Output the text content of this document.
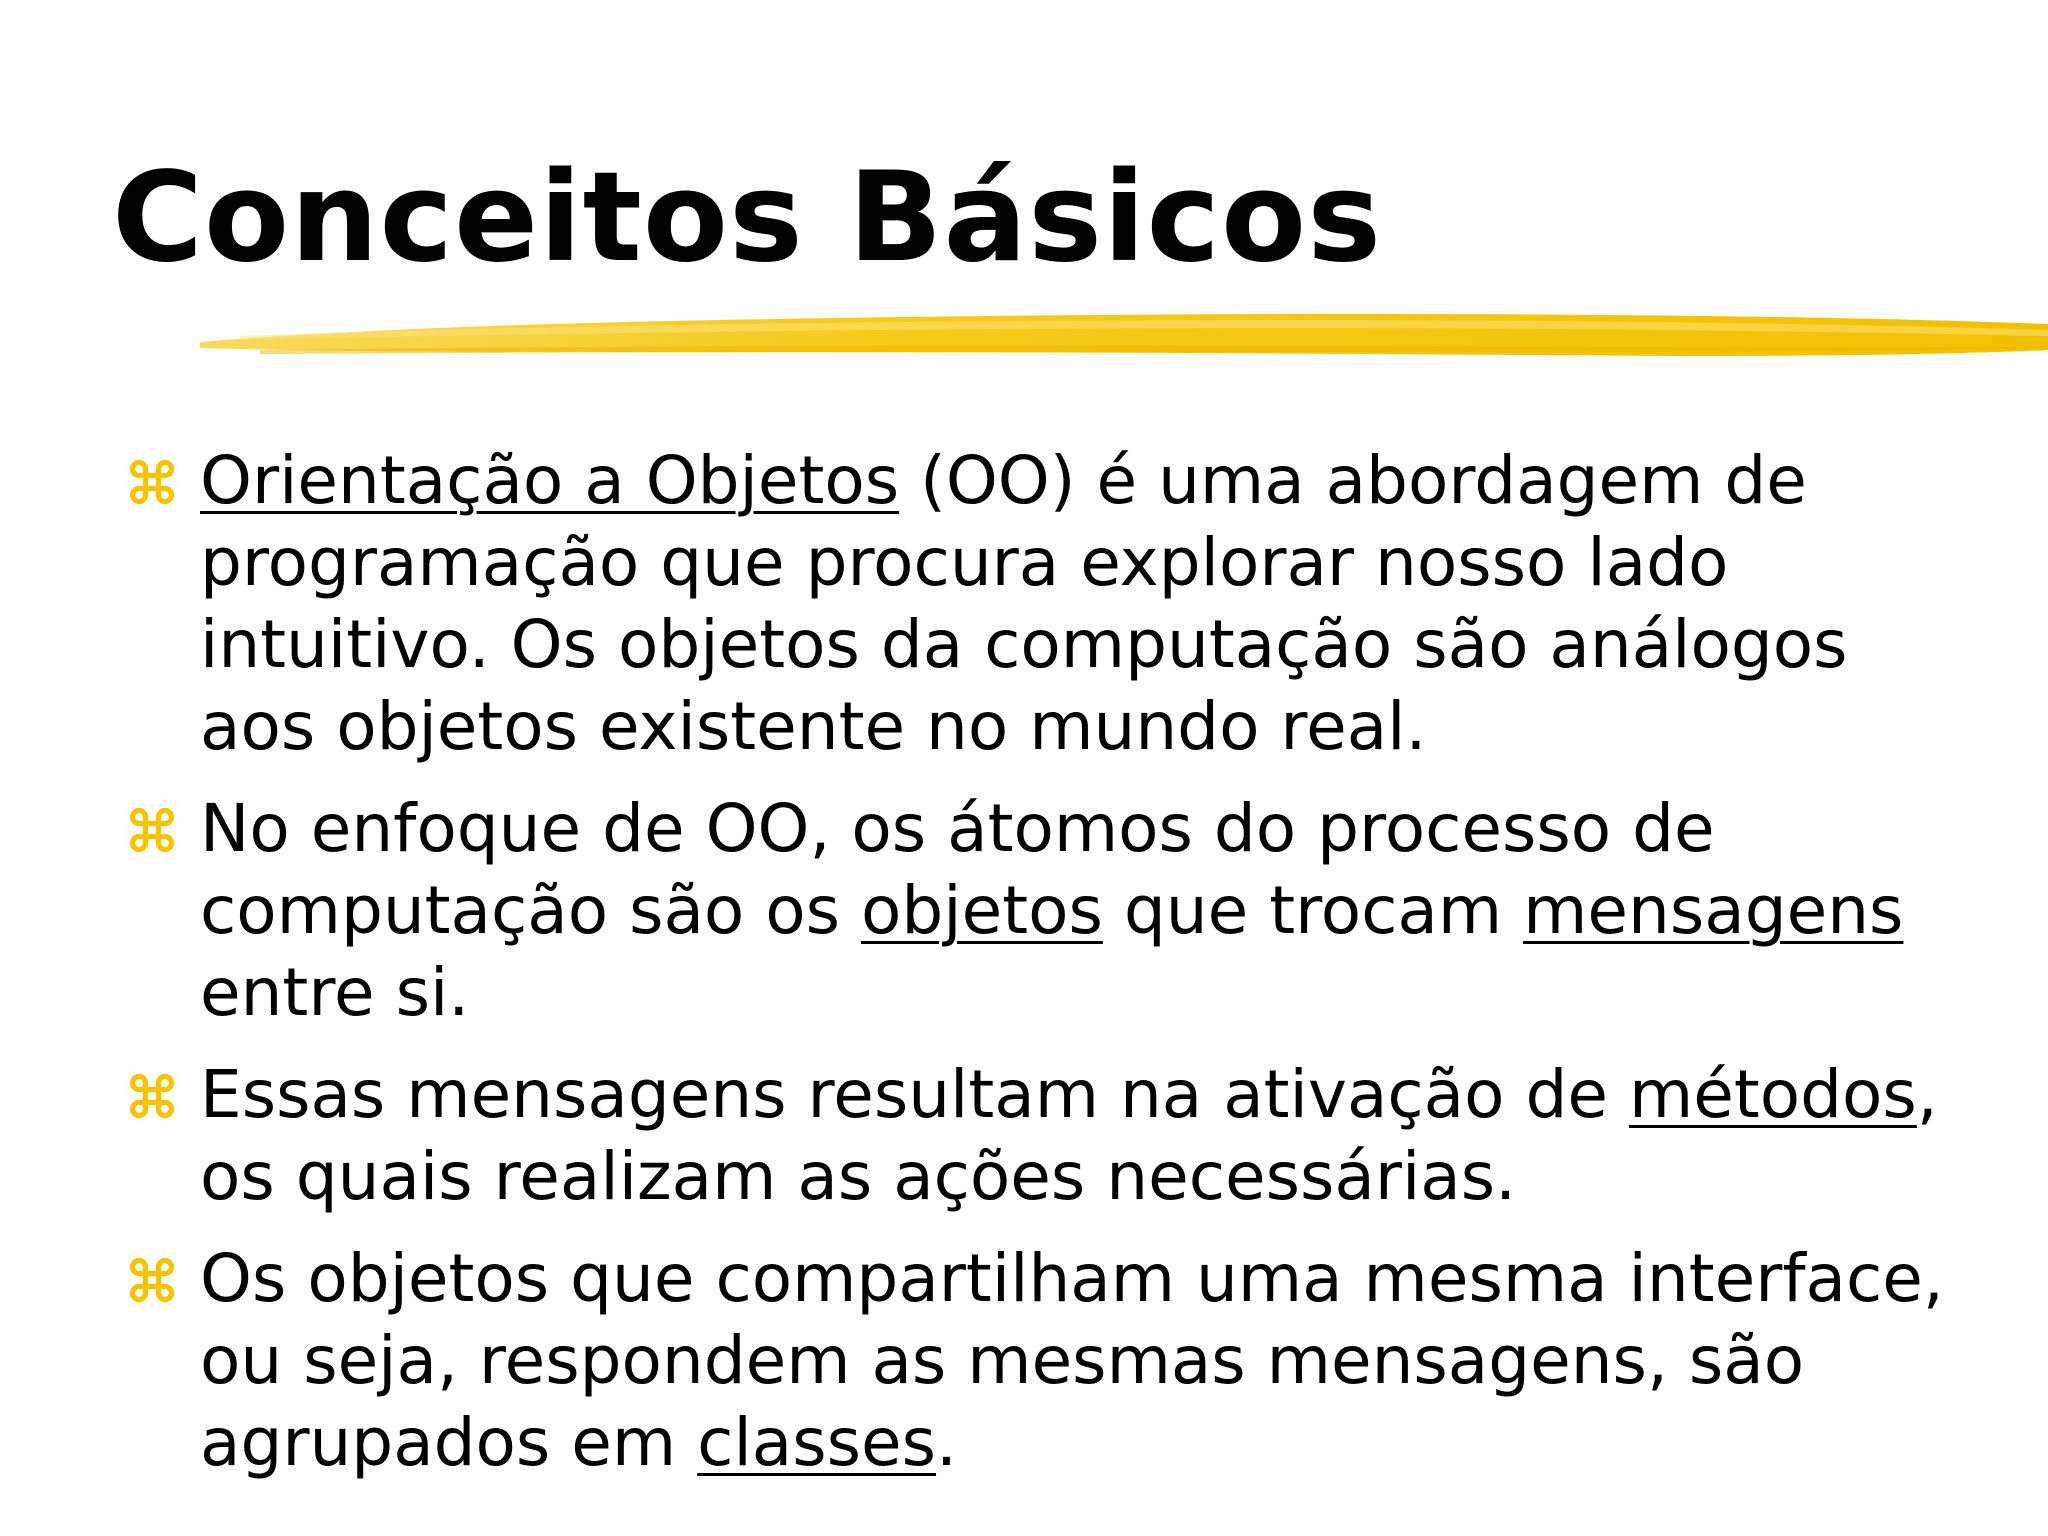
Conceitos Básicos
Orientação a Objetos (OO) é uma abordagem de programação que procura explorar nosso lado intuitivo. Os objetos da computação são análogos aos objetos existente no mundo real.
No enfoque de OO, os átomos do processo de computação são os objetos que trocam mensagens entre si.
Essas mensagens resultam na ativação de métodos, os quais realizam as ações necessárias.
Os objetos que compartilham uma mesma interface, ou seja, respondem as mesmas mensagens, são agrupados em classes.
